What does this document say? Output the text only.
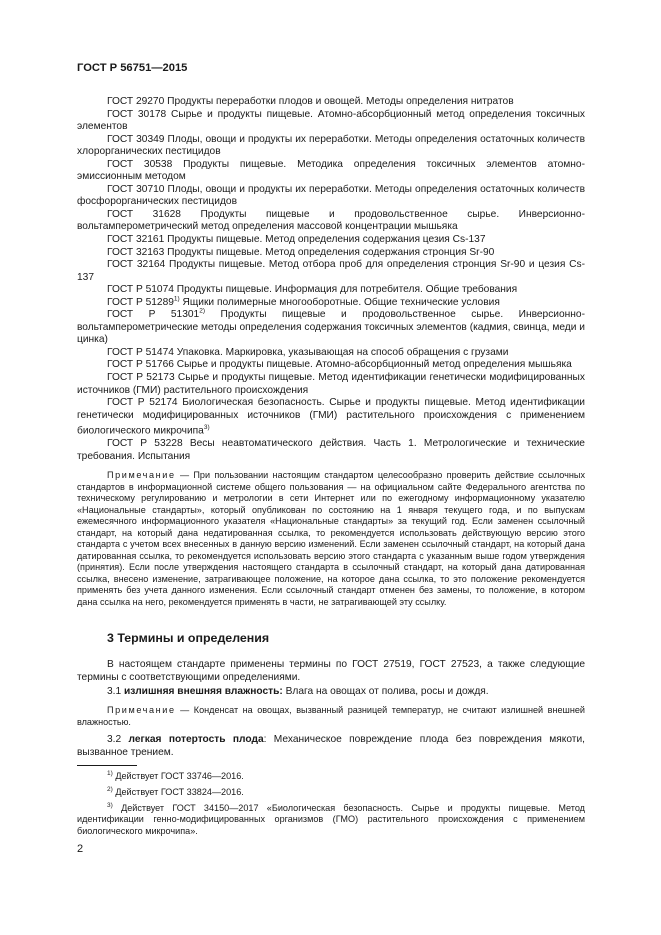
ГОСТ Р 56751—2015

ГОСТ 29270 Продукты переработки плодов и овощей. Методы определения нитратов

ГОСТ 30178 Сырье и продукты пищевые. Атомно-абсорбционный метод определения токсичных элементов

ГОСТ 30349 Плоды, овощи и продукты их переработки. Методы определения остаточных количеств хлорорганических пестицидов

ГОСТ 30538 Продукты пищевые. Методика определения токсичных элементов атомно-эмиссионным методом

ГОСТ 30710 Плоды, овощи и продукты их переработки. Методы определения остаточных количеств фосфорорганических пестицидов

ГОСТ 31628 Продукты пищевые и продовольственное сырье. Инверсионно-вольтамперометрический метод определения массовой концентрации мышьяка

ГОСТ 32161 Продукты пищевые. Метод определения содержания цезия Cs-137

ГОСТ 32163 Продукты пищевые. Метод определения содержания стронция Sr-90

ГОСТ 32164 Продукты пищевые. Метод отбора проб для определения стронция Sr-90 и цезия Cs-137

ГОСТ Р 51074 Продукты пищевые. Информация для потребителя. Общие требования

ГОСТ Р 51289$^{1)}$ Ящики полимерные многооборотные. Общие технические условия

ГОСТ Р 51301$^{2)}$ Продукты пищевые и продовольственное сырье. Инверсионно-вольтамперометрические методы определения содержания токсичных элементов (кадмия, свинца, меди и цинка)

ГОСТ Р 51474 Упаковка. Маркировка, указывающая на способ обращения с грузами

ГОСТ Р 51766 Сырье и продукты пищевые. Атомно-абсорбционный метод определения мышьяка

ГОСТ Р 52173 Сырье и продукты пищевые. Метод идентификации генетически модифицированных источников (ГМИ) растительного происхождения

ГОСТ Р 52174 Биологическая безопасность. Сырье и продукты пищевые. Метод идентификации генетически модифицированных источников (ГМИ) растительного происхождения с применением биологического микрочипа$^{3)}$

ГОСТ Р 53228 Весы неавтоматического действия. Часть 1. Метрологические и технические требования. Испытания

Примечание — При пользовании настоящим стандартом целесообразно проверить действие ссылочных стандартов в информационной системе общего пользования — на официальном сайте Федерального агентства по техническому регулированию и метрологии в сети Интернет или по ежегодному информационному указателю «Национальные стандарты», который опубликован по состоянию на 1 января текущего года, и по выпускам ежемесячного информационного указателя «Национальные стандарты» за текущий год. Если заменен ссылочный стандарт, на который дана недатированная ссылка, то рекомендуется использовать действующую версию этого стандарта с учетом всех внесенных в данную версию изменений. Если заменен ссылочный стандарт, на который дана датированная ссылка, то рекомендуется использовать версию этого стандарта с указанным выше годом утверждения (принятия). Если после утверждения настоящего стандарта в ссылочный стандарт, на который дана датированная ссылка, внесено изменение, затрагивающее положение, на которое дана ссылка, то это положение рекомендуется применять без учета данного изменения. Если ссылочный стандарт отменен без замены, то положение, в котором дана ссылка на него, рекомендуется применять в части, не затрагивающей эту ссылку.

3 Термины и определения

В настоящем стандарте применены термины по ГОСТ 27519, ГОСТ 27523, а также следующие термины с соответствующими определениями.

3.1 излишняя внешняя влажность: Влага на овощах от полива, росы и дождя.

Примечание — Конденсат на овощах, вызванный разницей температур, не считают излишней внешней влажностью.

3.2 легкая потертость плода: Механическое повреждение плода без повреждения мякоти, вызванное трением.

$^{1)}$ Действует ГОСТ 33746—2016.

$^{2)}$ Действует ГОСТ 33824—2016.

$^{3)}$ Действует ГОСТ 34150—2017 «Биологическая безопасность. Сырье и продукты пищевые. Метод идентификации генно-модифицированных организмов (ГМО) растительного происхождения с применением биологического микрочипа».

2
